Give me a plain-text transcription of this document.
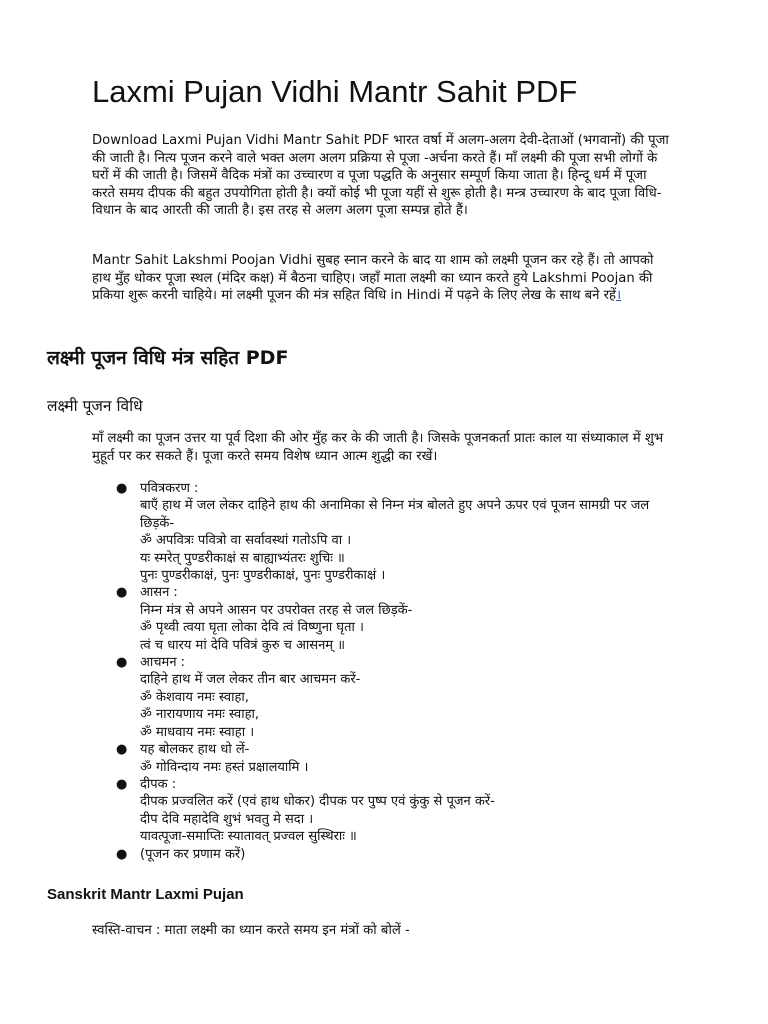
Laxmi Pujan Vidhi Mantr Sahit PDF

Download Laxmi Pujan Vidhi Mantr Sahit PDF भारत वर्षा में अलग-अलग देवी-देताओं (भगवानों) की पूजा की जाती है। नित्य पूजन करने वाले भक्त अलग अलग प्रक्रिया से पूजा -अर्चना करते हैं। माँ लक्ष्मी की पूजा सभी लोगों के घरों में की जाती है। जिसमें वैदिक मंत्रों का उच्चारण व पूजा पद्धति के अनुसार सम्पूर्ण किया जाता है। हिन्दू धर्म में पूजा करते समय दीपक की बहुत उपयोगिता होती है। क्यों कोई भी पूजा यहीं से शुरू होती है। मन्त्र उच्चारण के बाद पूजा विधि-विधान के बाद आरती की जाती है। इस तरह से अलग अलग पूजा सम्पन्न होते हैं।

Mantr Sahit Lakshmi Poojan Vidhi सुबह स्नान करने के बाद या शाम को लक्ष्मी पूजन कर रहे हैं। तो आपको हाथ मुँह धोकर पूजा स्थल (मंदिर कक्ष) में बैठना चाहिए। जहाँ माता लक्ष्मी का ध्यान करते हुये Lakshmi Poojan की प्रकिया शुरू करनी चाहिये। मां लक्ष्मी पूजन की मंत्र सहित विधि in Hindi में पढ़ने के लिए लेख के साथ बने रहें।

लक्ष्मी पूजन विधि मंत्र सहित PDF
लक्ष्मी पूजन विधि

माँ लक्ष्मी का पूजन उत्तर या पूर्व दिशा की ओर मुँह कर के की जाती है। जिसके पूजनकर्ता प्रातः काल या संध्याकाल में शुभ मुहूर्त पर कर सकते हैं। पूजा करते समय विशेष ध्यान आत्म शुद्धी का रखें।

● पवित्रकरण :
बाएँ हाथ में जल लेकर दाहिने हाथ की अनामिका से निम्न मंत्र बोलते हुए अपने ऊपर एवं पूजन सामग्री पर जल छिड़कें-
ॐ अपवित्रः पवित्रो वा सर्वावस्थां गतोऽपि वा ।
यः स्मरेत् पुण्डरीकाक्षं स बाह्याभ्यंतरः शुचिः ॥
पुनः पुण्डरीकाक्षं, पुनः पुण्डरीकाक्षं, पुनः पुण्डरीकाक्षं ।
● आसन :
निम्न मंत्र से अपने आसन पर उपरोक्त तरह से जल छिड़कें-
ॐ पृथ्वी त्वया घृता लोका देवि त्वं विष्णुना घृता ।
त्वं च धारय मां देवि पवित्रं कुरु च आसनम् ॥
● आचमन :
दाहिने हाथ में जल लेकर तीन बार आचमन करें-
ॐ केशवाय नमः स्वाहा,
ॐ नारायणाय नमः स्वाहा,
ॐ माधवाय नमः स्वाहा ।
● यह बोलकर हाथ धो लें-
ॐ गोविन्दाय नमः हस्तं प्रक्षालयामि ।
● दीपक :
दीपक प्रज्वलित करें (एवं हाथ धोकर) दीपक पर पुष्प एवं कुंकु से पूजन करें-
दीप देवि महादेवि शुभं भवतु मे सदा ।
यावत्पूजा-समाप्तिः स्यातावत् प्रज्वल सुस्थिराः ॥
● (पूजन कर प्रणाम करें)
Sanskrit Mantr Laxmi Pujan

स्वस्ति-वाचन : माता लक्ष्मी का ध्यान करते समय इन मंत्रों को बोलें -
